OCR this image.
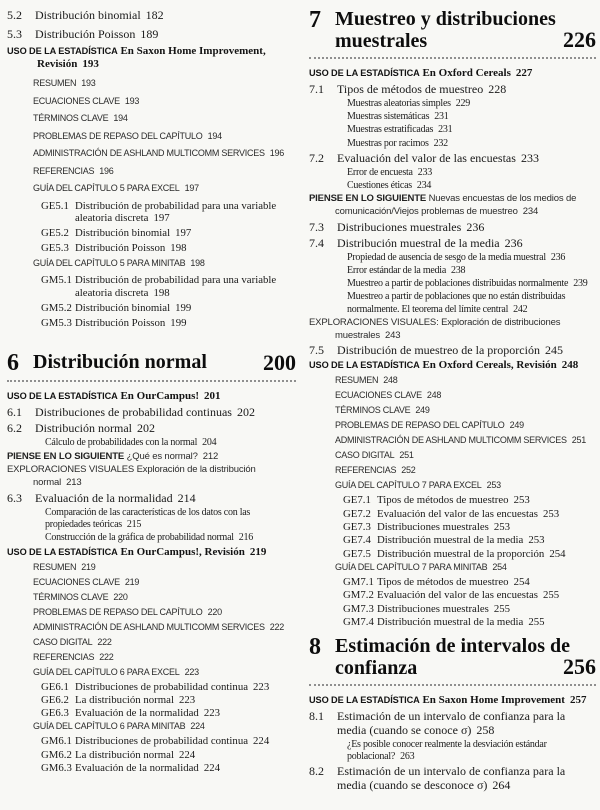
5.2	Distribución binomial 182
5.3	Distribución Poisson 189
USO DE LA ESTADÍSTICA En Saxon Home Improvement, Revisión 193
RESUMEN 193
ECUACIONES CLAVE 193
TÉRMINOS CLAVE 194
PROBLEMAS DE REPASO DEL CAPÍTULO 194
ADMINISTRACIÓN DE ASHLAND MULTICOMM SERVICES 196
REFERENCIAS 196
GUÍA DEL CAPÍTULO 5 PARA EXCEL 197
GE5.1 Distribución de probabilidad para una variable aleatoria discreta 197
GE5.2 Distribución binomial 197
GE5.3 Distribución Poisson 198
GUÍA DEL CAPÍTULO 5 PARA MINITAB 198
GM5.1 Distribución de probabilidad para una variable aleatoria discreta 198
GM5.2 Distribución binomial 199
GM5.3 Distribución Poisson 199
6 Distribución normal	200
USO DE LA ESTADÍSTICA En OurCampus! 201
6.1	Distribuciones de probabilidad continuas 202
6.2	Distribución normal 202
Cálculo de probabilidades con la normal 204
PIENSE EN LO SIGUIENTE ¿Qué es normal? 212
EXPLORACIONES VISUALES Exploración de la distribución normal 213
6.3	Evaluación de la normalidad 214
Comparación de las características de los datos con las propiedades teóricas 215
Construcción de la gráfica de probabilidad normal 216
USO DE LA ESTADÍSTICA En OurCampus!, Revisión 219
RESUMEN 219
ECUACIONES CLAVE 219
TÉRMINOS CLAVE 220
PROBLEMAS DE REPASO DEL CAPÍTULO 220
ADMINISTRACIÓN DE ASHLAND MULTICOMM SERVICES 222
CASO DIGITAL 222
REFERENCIAS 222
GUÍA DEL CAPÍTULO 6 PARA EXCEL 223
GE6.1 Distribuciones de probabilidad continua 223
GE6.2 La distribución normal 223
GE6.3 Evaluación de la normalidad 223
GUÍA DEL CAPÍTULO 6 PARA MINITAB 224
GM6.1 Distribuciones de probabilidad continua 224
GM6.2 La distribución normal 224
GM6.3 Evaluación de la normalidad 224
7 Muestreo y distribuciones muestrales	226
USO DE LA ESTADÍSTICA En Oxford Cereals 227
7.1	Tipos de métodos de muestreo 228
Muestras aleatorias simples 229
Muestras sistemáticas 231
Muestras estratificadas 231
Muestras por racimos 232
7.2	Evaluación del valor de las encuestas 233
Error de encuesta 233
Cuestiones éticas 234
PIENSE EN LO SIGUIENTE Nuevas encuestas de los medios de comunicación/Viejos problemas de muestreo 234
7.3	Distribuciones muestrales 236
7.4	Distribución muestral de la media 236
Propiedad de ausencia de sesgo de la media muestral 236
Error estándar de la media 238
Muestreo a partir de poblaciones distribuidas normalmente 239
Muestreo a partir de poblaciones que no están distribuidas normalmente. El teorema del límite central 242
EXPLORACIONES VISUALES: Exploración de distribuciones muestrales 243
7.5	Distribución de muestreo de la proporción 245
USO DE LA ESTADÍSTICA En Oxford Cereals, Revisión 248
RESUMEN 248
ECUACIONES CLAVE 248
TÉRMINOS CLAVE 249
PROBLEMAS DE REPASO DEL CAPÍTULO 249
ADMINISTRACIÓN DE ASHLAND MULTICOMM SERVICES 251
CASO DIGITAL 251
REFERENCIAS 252
GUÍA DEL CAPÍTULO 7 PARA EXCEL 253
GE7.1 Tipos de métodos de muestreo 253
GE7.2 Evaluación del valor de las encuestas 253
GE7.3 Distribuciones muestrales 253
GE7.4 Distribución muestral de la media 253
GE7.5 Distribución muestral de la proporción 254
GUÍA DEL CAPÍTULO 7 PARA MINITAB 254
GM7.1 Tipos de métodos de muestreo 254
GM7.2 Evaluación del valor de las encuestas 255
GM7.3 Distribuciones muestrales 255
GM7.4 Distribución muestral de la media 255
8 Estimación de intervalos de confianza	256
USO DE LA ESTADÍSTICA En Saxon Home Improvement 257
8.1	Estimación de un intervalo de confianza para la media (cuando se conoce σ) 258
¿Es posible conocer realmente la desviación estándar poblacional? 263
8.2	Estimación de un intervalo de confianza para la media (cuando se desconoce σ) 264
